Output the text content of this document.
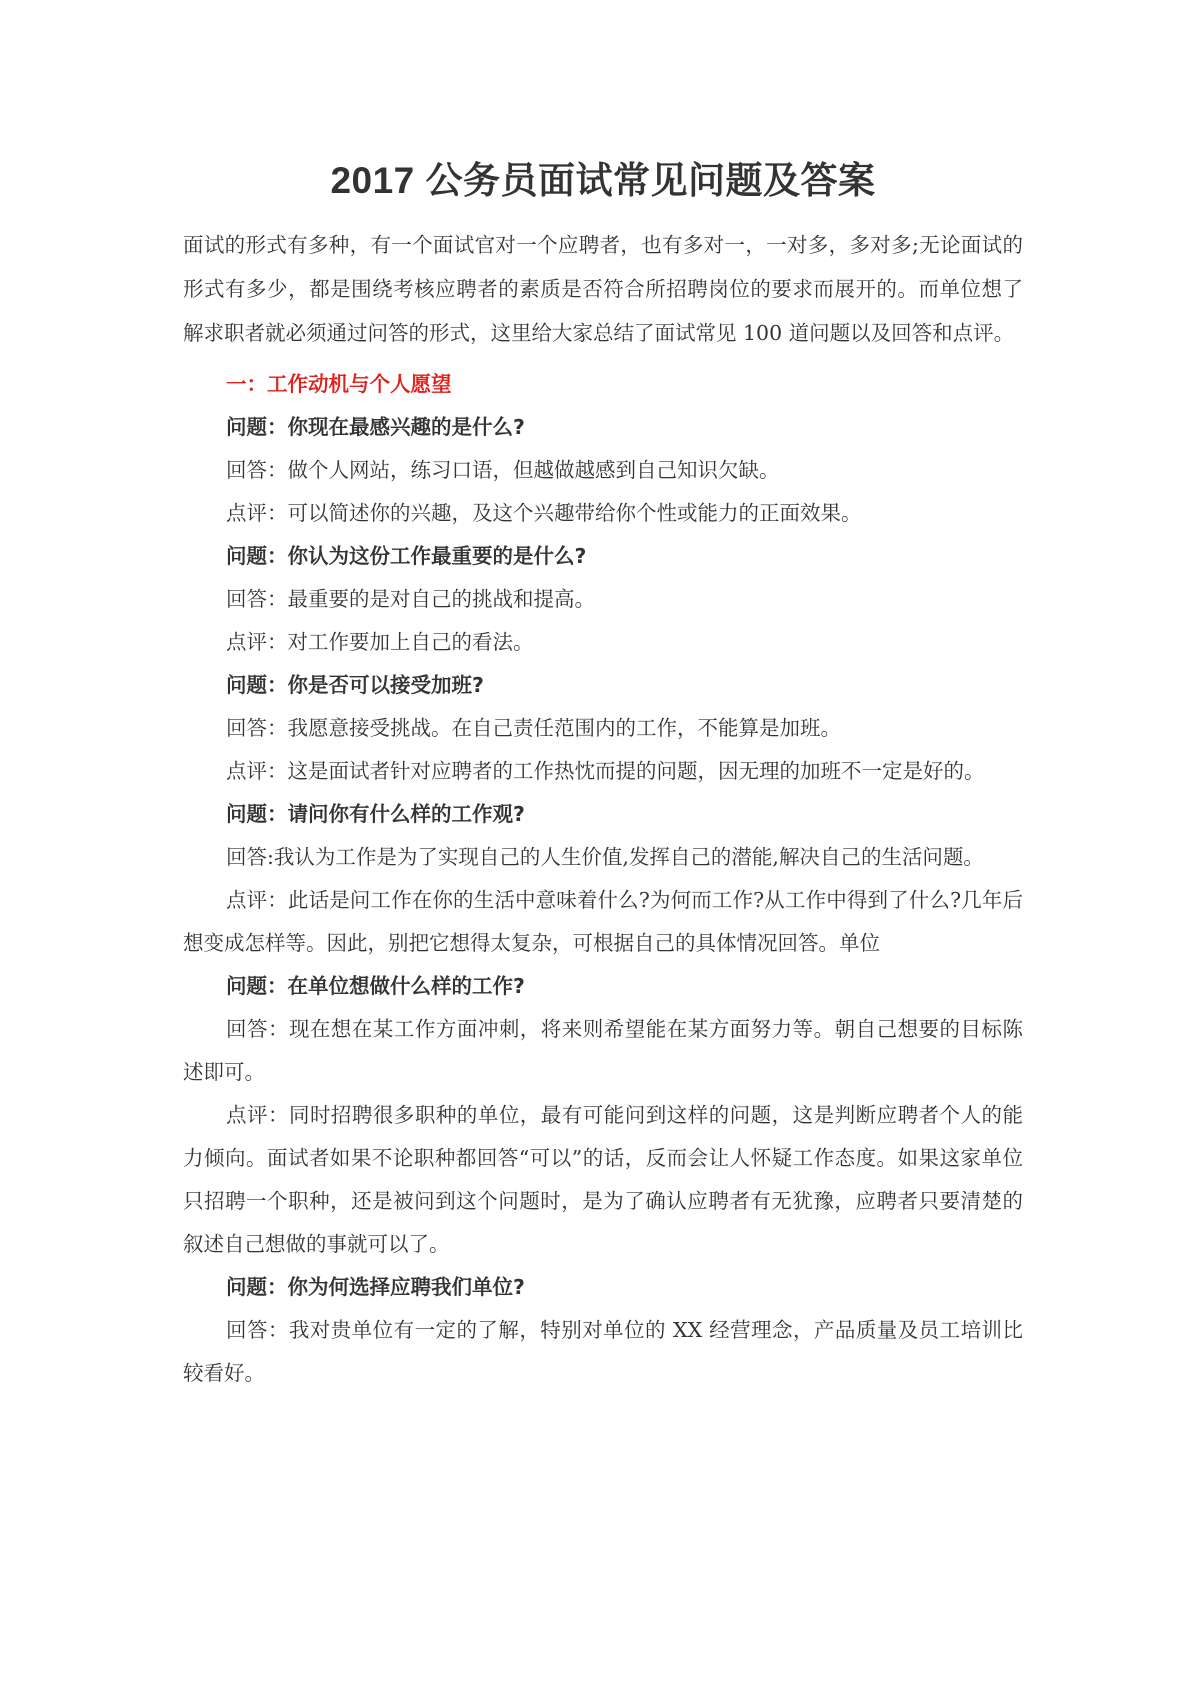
2017 公务员面试常见问题及答案

面试的形式有多种，有一个面试官对一个应聘者，也有多对一，一对多，多对多;无论面试的形式有多少，都是围绕考核应聘者的素质是否符合所招聘岗位的要求而展开的。而单位想了解求职者就必须通过问答的形式，这里给大家总结了面试常见 100 道问题以及回答和点评。

一：工作动机与个人愿望

问题：你现在最感兴趣的是什么?

回答：做个人网站，练习口语，但越做越感到自己知识欠缺。

点评：可以简述你的兴趣，及这个兴趣带给你个性或能力的正面效果。

问题：你认为这份工作最重要的是什么?

回答：最重要的是对自己的挑战和提高。

点评：对工作要加上自己的看法。

问题：你是否可以接受加班?

回答：我愿意接受挑战。在自己责任范围内的工作，不能算是加班。

点评：这是面试者针对应聘者的工作热忱而提的问题，因无理的加班不一定是好的。

问题：请问你有什么样的工作观?

回答:我认为工作是为了实现自己的人生价值,发挥自己的潜能,解决自己的生活问题。

点评：此话是问工作在你的生活中意味着什么?为何而工作?从工作中得到了什么?几年后想变成怎样等。因此，别把它想得太复杂，可根据自己的具体情况回答。单位

问题：在单位想做什么样的工作?

回答：现在想在某工作方面冲刺，将来则希望能在某方面努力等。朝自己想要的目标陈述即可。

点评：同时招聘很多职种的单位，最有可能问到这样的问题，这是判断应聘者个人的能力倾向。面试者如果不论职种都回答“可以”的话，反而会让人怀疑工作态度。如果这家单位只招聘一个职种，还是被问到这个问题时，是为了确认应聘者有无犹豫，应聘者只要清楚的叙述自己想做的事就可以了。

问题：你为何选择应聘我们单位?

回答：我对贵单位有一定的了解，特别对单位的 XX 经营理念，产品质量及员工培训比较看好。
